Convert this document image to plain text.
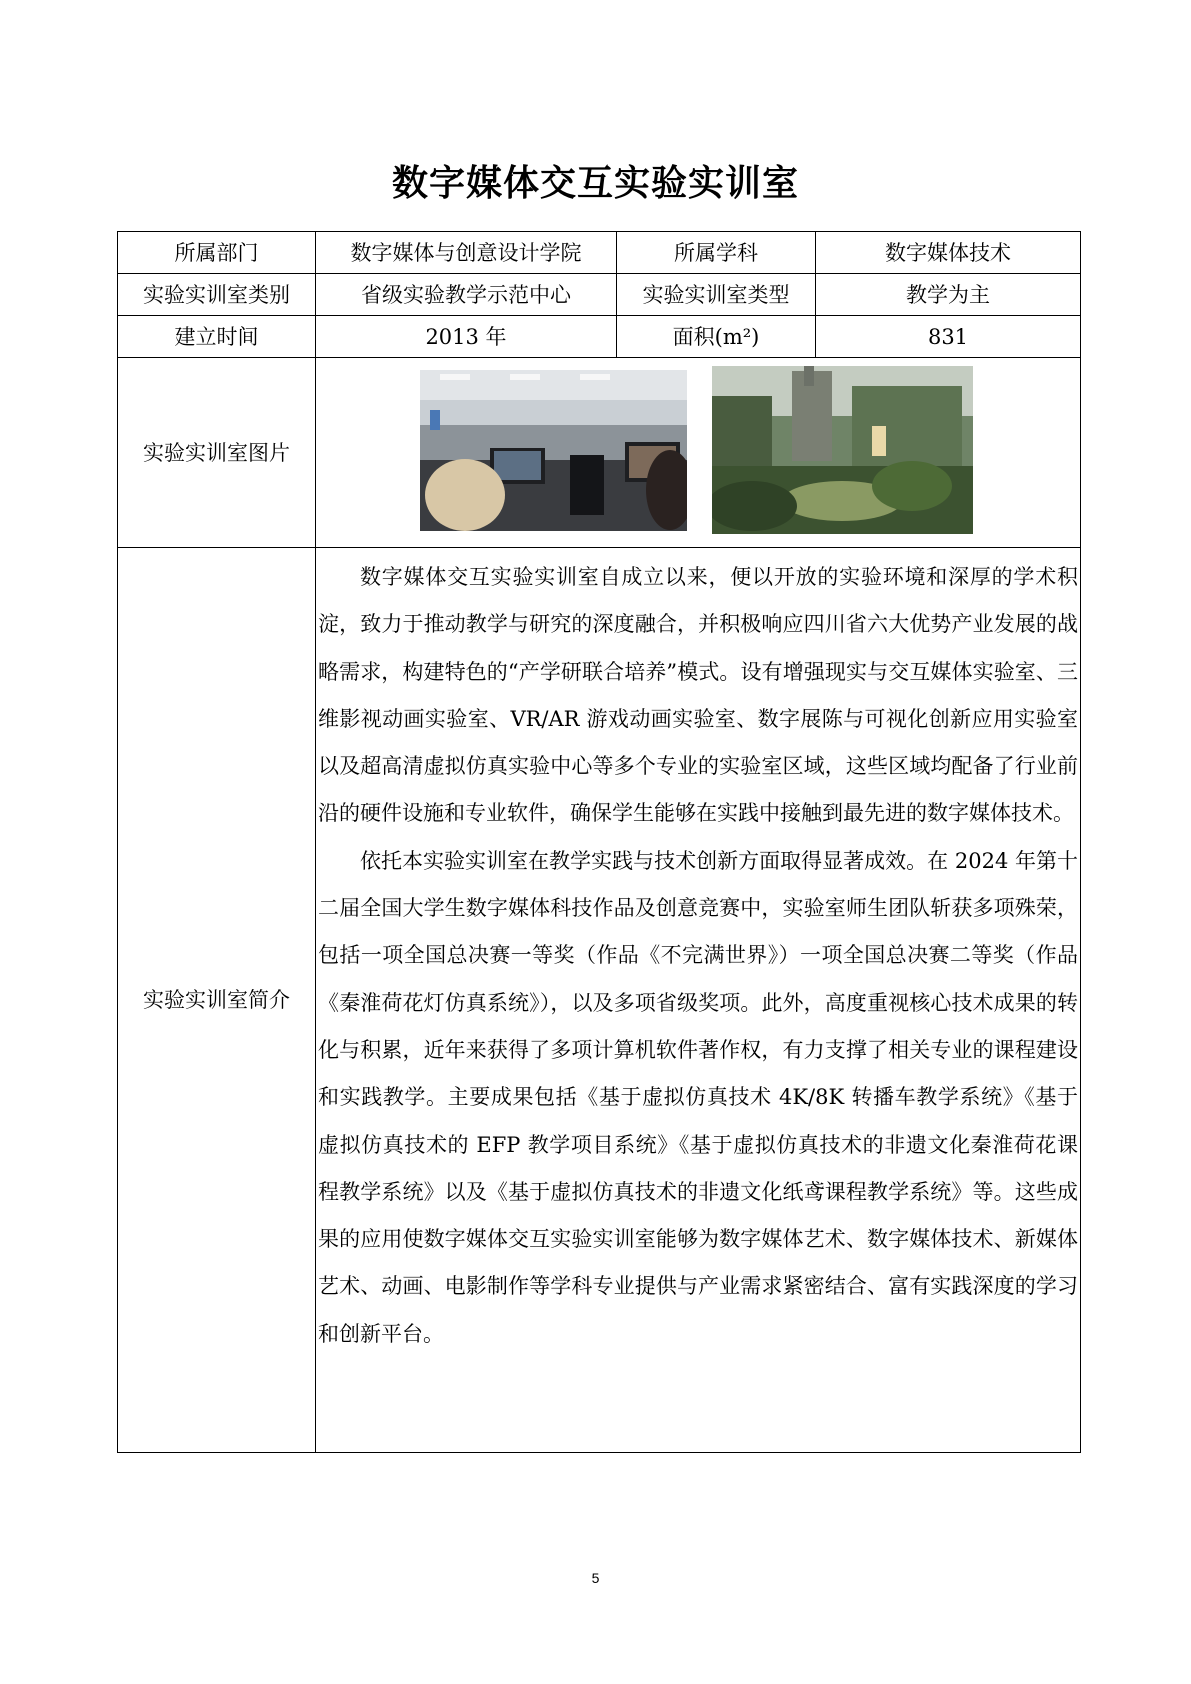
数字媒体交互实验实训室
所属部门	数字媒体与创意设计学院	所属学科	数字媒体技术
实验实训室类别	省级实验教学示范中心	实验实训室类型	教学为主
建立时间	2013 年	面积(m²)	831
实验实训室图片	

实验实训室简介	数字媒体交互实验实训室自成立以来，便以开放的实验环境和深厚的学术积淀，致力于推动教学与研究的深度融合，并积极响应四川省六大优势产业发展的战略需求，构建特色的“产学研联合培养”模式。设有增强现实与交互媒体实验室、三维影视动画实验室、VR/AR 游戏动画实验室、数字展陈与可视化创新应用实验室以及超高清虚拟仿真实验中心等多个专业的实验室区域，这些区域均配备了行业前沿的硬件设施和专业软件，确保学生能够在实践中接触到最先进的数字媒体技术。

依托本实验实训室在教学实践与技术创新方面取得显著成效。在 2024 年第十二届全国大学生数字媒体科技作品及创意竞赛中，实验室师生团队斩获多项殊荣，包括一项全国总决赛一等奖（作品《不完满世界》）一项全国总决赛二等奖（作品《秦淮荷花灯仿真系统》），以及多项省级奖项。此外，高度重视核心技术成果的转化与积累，近年来获得了多项计算机软件著作权，有力支撑了相关专业的课程建设和实践教学。主要成果包括《基于虚拟仿真技术 4K/8K 转播车教学系统》《基于虚拟仿真技术的 EFP 教学项目系统》《基于虚拟仿真技术的非遗文化秦淮荷花课程教学系统》以及《基于虚拟仿真技术的非遗文化纸鸢课程教学系统》等。这些成果的应用使数字媒体交互实验实训室能够为数字媒体艺术、数字媒体技术、新媒体艺术、动画、电影制作等学科专业提供与产业需求紧密结合、富有实践深度的学习和创新平台。		

5
